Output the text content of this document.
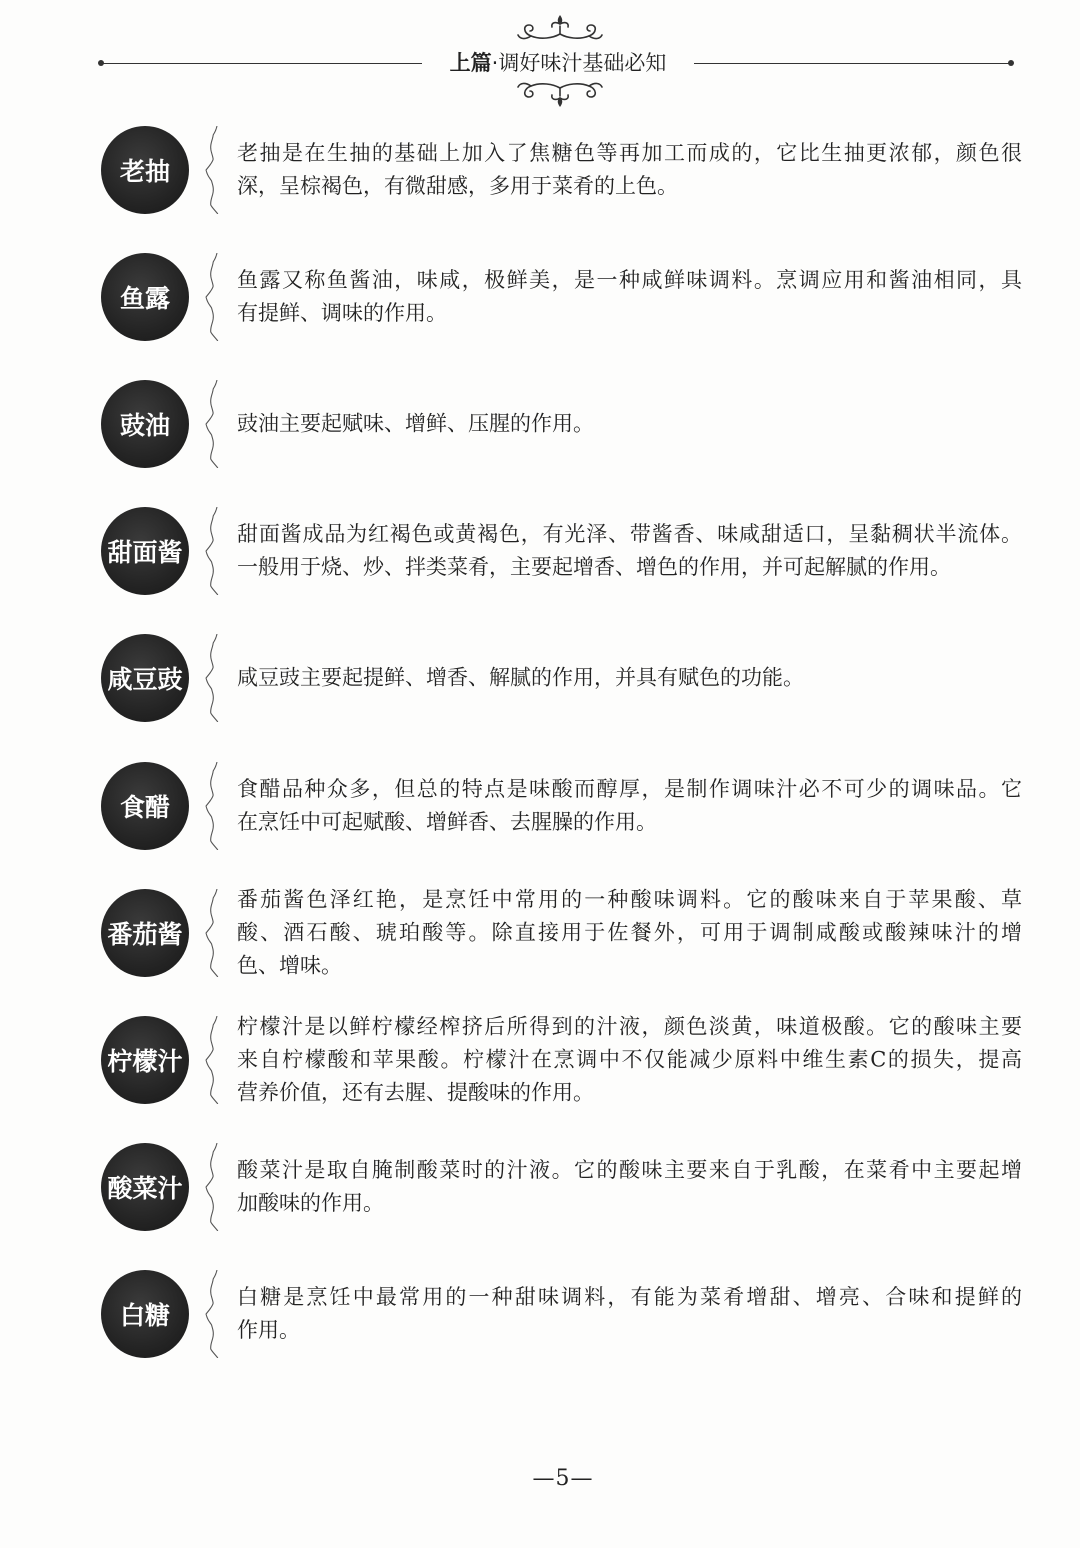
上篇·调好味汁基础必知
老抽
老抽是在生抽的基础上加入了焦糖色等再加工而成的，它比生抽更浓郁，颜色很
深，呈棕褐色，有微甜感，多用于菜肴的上色。
鱼露
鱼露又称鱼酱油，味咸，极鲜美，是一种咸鲜味调料。烹调应用和酱油相同，具
有提鲜、调味的作用。
豉油	豉油主要起赋味、增鲜、压腥的作用。
甜面酱
甜面酱成品为红褐色或黄褐色，有光泽、带酱香、味咸甜适口，呈黏稠状半流体。
一般用于烧、炒、拌类菜肴，主要起增香、增色的作用，并可起解腻的作用。
咸豆豉	咸豆豉主要起提鲜、增香、解腻的作用，并具有赋色的功能。
食醋
食醋品种众多，但总的特点是味酸而醇厚，是制作调味汁必不可少的调味品。它
在烹饪中可起赋酸、增鲜香、去腥臊的作用。
番茄酱
番茄酱色泽红艳，是烹饪中常用的一种酸味调料。它的酸味来自于苹果酸、草
酸、酒石酸、琥珀酸等。除直接用于佐餐外，可用于调制咸酸或酸辣味汁的增
色、增味。
柠檬汁
柠檬汁是以鲜柠檬经榨挤后所得到的汁液，颜色淡黄，味道极酸。它的酸味主要
来自柠檬酸和苹果酸。柠檬汁在烹调中不仅能减少原料中维生素C的损失，提高
营养价值，还有去腥、提酸味的作用。
酸菜汁
酸菜汁是取自腌制酸菜时的汁液。它的酸味主要来自于乳酸，在菜肴中主要起增
加酸味的作用。
白糖
白糖是烹饪中最常用的一种甜味调料，有能为菜肴增甜、增亮、合味和提鲜的
作用。
—5—
